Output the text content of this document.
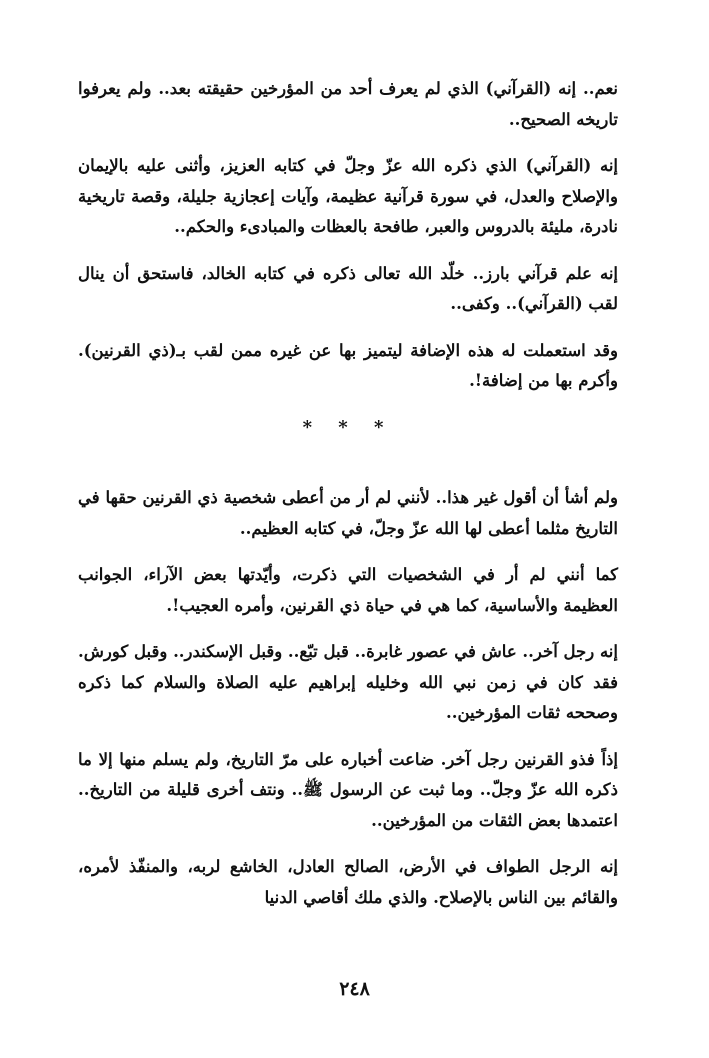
نعم.. إنه (القرآني) الذي لم يعرف أحد من المؤرخين حقيقته بعد.. ولم يعرفوا تاريخه الصحيح..

إنه (القرآني) الذي ذكره الله عزّ وجلّ في كتابه العزيز، وأثنى عليه بالإيمان والإصلاح والعدل، في سورة قرآنية عظيمة، وآيات إعجازية جليلة، وقصة تاريخية نادرة، مليئة بالدروس والعبر، طافحة بالعظات والمبادىء والحكم..

إنه علم قرآني بارز.. خلّد الله تعالى ذكره في كتابه الخالد، فاستحق أن ينال لقب (القرآني).. وكفى..

وقد استعملت له هذه الإضافة ليتميز بها عن غيره ممن لقب بـ(ذي القرنين). وأكرم بها من إضافة!.

* * *

ولم أشأ أن أقول غير هذا.. لأنني لم أر من أعطى شخصية ذي القرنين حقها في التاريخ مثلما أعطى لها الله عزّ وجلّ، في كتابه العظيم..

كما أنني لم أر في الشخصيات التي ذكرت، وأيّدتها بعض الآراء، الجوانب العظيمة والأساسية، كما هي في حياة ذي القرنين، وأمره العجيب!.

إنه رجل آخر.. عاش في عصور غابرة.. قبل تبّع.. وقبل الإسكندر.. وقبل كورش. فقد كان في زمن نبي الله وخليله إبراهيم عليه الصلاة والسلام كما ذكره وصححه ثقات المؤرخين..

إذاً فذو القرنين رجل آخر. ضاعت أخباره على مرّ التاريخ، ولم يسلم منها إلا ما ذكره الله عزّ وجلّ.. وما ثبت عن الرسول ﷺ.. ونتف أخرى قليلة من التاريخ.. اعتمدها بعض الثقات من المؤرخين..

إنه الرجل الطواف في الأرض، الصالح العادل، الخاشع لربه، والمنفّذ لأمره، والقائم بين الناس بالإصلاح. والذي ملك أقاصي الدنيا

٢٤٨
